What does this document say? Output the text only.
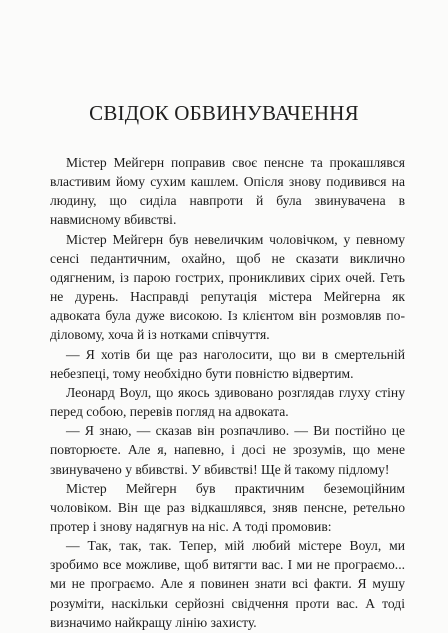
СВІДОК ОБВИНУВАЧЕННЯ

Містер Мейгерн поправив своє пенсне та прокашлявся властивим йому сухим кашлем. Опісля знову подивився на людину, що сиділа навпроти й була звинувачена в навмисному вбивстві.

Містер Мейгерн був невеличким чоловічком, у певному сенсі педантичним, охайно, щоб не сказати викличнo одягненим, із парою гострих, проникливих сірих очей. Геть не дурень. Насправді репутація містера Мейгерна як адвоката була дуже високою. Із клієнтом він розмовляв по-діловому, хоча й із нотками співчуття.

— Я хотів би ще раз наголосити, що ви в смертельній небезпеці, тому необхідно бути повністю відвертим.

Леонард Воул, що якось здивовано розглядав глуху стіну перед собою, перевів погляд на адвоката.

— Я знаю, — сказав він розпачливо. — Ви постійно це повторюєте. Але я, напевно, і досі не зрозумів, що мене звинувачено у вбивстві. У вбивстві! Ще й такому підлому!

Містер Мейгерн був практичним беземоційним чоловіком. Він ще раз відкашлявся, зняв пенсне, ретельно протер і знову надягнув на ніс. А тоді промовив:

— Так, так, так. Тепер, мій любий містере Воул, ми зробимо все можливе, щоб витягти вас. І ми не програємо... ми не програємо. Але я повинен знати всі факти. Я мушу розуміти, наскільки серйозні свідчення проти вас. А тоді визначимо найкращу лінію захисту.
